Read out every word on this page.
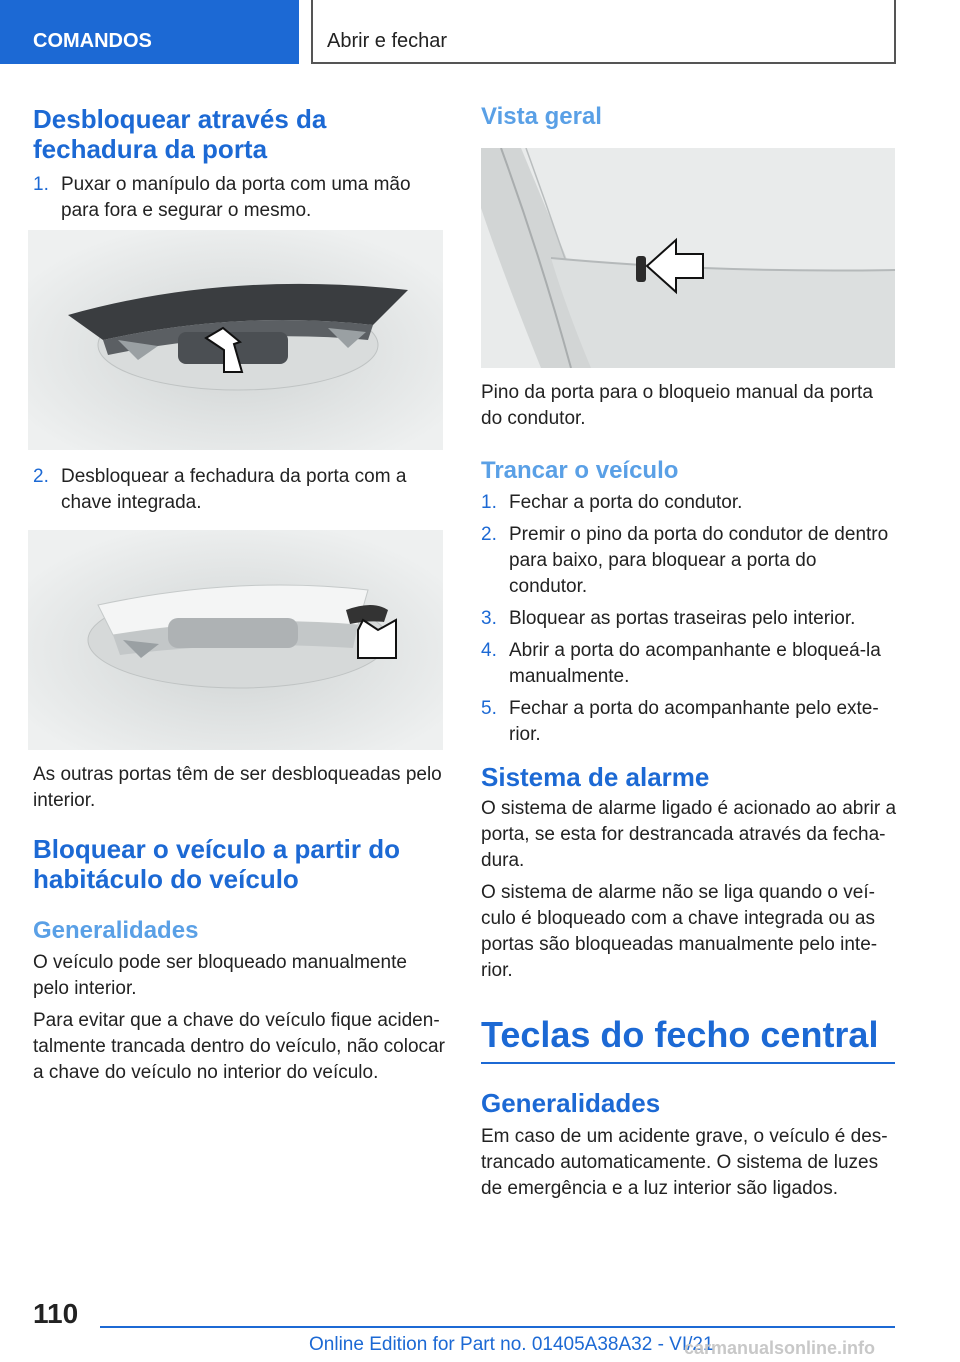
COMANDOS	Abrir e fechar
Desbloquear através da fechadura da porta
1. Puxar o manípulo da porta com uma mão para fora e segurar o mesmo.
2. Desbloquear a fechadura da porta com a chave integrada.
As outras portas têm de ser desbloqueadas pelo interior.
Bloquear o veículo a partir do habitáculo do veículo
Generalidades
O veículo pode ser bloqueado manualmente pelo interior.
Para evitar que a chave do veículo fique aciden-talmente trancada dentro do veículo, não colocar a chave do veículo no interior do veículo.
Vista geral
Pino da porta para o bloqueio manual da porta do condutor.
Trancar o veículo
1. Fechar a porta do condutor.
2. Premir o pino da porta do condutor de dentro para baixo, para bloquear a porta do condutor.
3. Bloquear as portas traseiras pelo interior.
4. Abrir a porta do acompanhante e bloqueá-la manualmente.
5. Fechar a porta do acompanhante pelo exte-rior.
Sistema de alarme
O sistema de alarme ligado é acionado ao abrir a porta, se esta for destrancada através da fecha-dura.
O sistema de alarme não se liga quando o veí-culo é bloqueado com a chave integrada ou as portas são bloqueadas manualmente pelo inte-rior.
Teclas do fecho central
Generalidades
Em caso de um acidente grave, o veículo é des-trancado automaticamente. O sistema de luzes de emergência e a luz interior são ligados.
110
Online Edition for Part no. 01405A38A32 - VI/21
carmanualsonline.info
